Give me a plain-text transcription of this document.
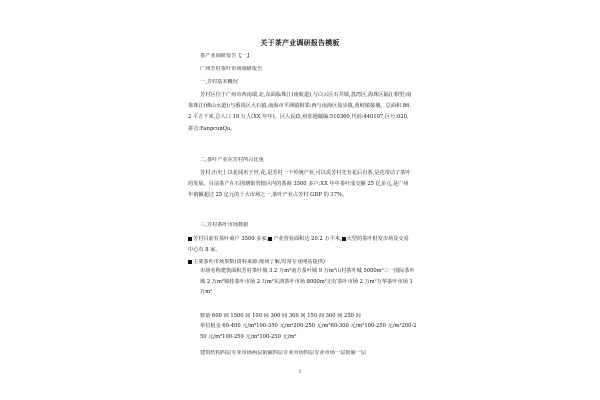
关于茶产业调研报告模板
茶产业调研报告【一】
广州芳村茶叶市场调研报告
一,芳村基本概况
芳村区位于广州市西南端,北,东面临珠江(南航道),与白云区石井镇,荔湾区,海珠区隔江相望;南靠珠江(佛山水道);与番禺区大石镇,南海市平洲镇相邻;西与南海区盐步镇,黄岐镇接壤。总面积 86.2 平方千米,总人口 19 万人(XX 年年)。区人民政,府驻地邮编:510360,代码:440107,区号:020,拼音:FangcunQu。
二,茶叶产业在芳村所占比重
芳村,历史上以花闻名于世,花,是芳村一个传统产业,可以说芳村先有花后有茶,是花带动了茶叶的发展。目前茶产在石围塘街管辖区内的茶商 3500 多户;XX 年年茶叶成交额 25 亿多元,是广州年销额超过 25 亿元的十大市场之一,茶叶产业占芳村 GDP 的 37%。
三,芳村茶叶市场数据
芳村目前有茶叶商户 3500 多家, 产业营业面积达 20.2 万平米, 大型的茶叶批发市场及交易中心有 8 家。
主要茶叶市场参数(资料来源:现场了解,时常专业网站提供)
市场名称建筑面积芳村茶叶城 3.2 万m²南方茶叶城 9 万m²山村茶叶城 5000m²三一国际茶叶城 2 万m²锦桂茶叶市场 2 万m²东鸿茶叶市场 8000m²正好茶叶市场 2 万m²万华茶叶市场 1 万m²
数量 600 间 1500 间 100 间 300 间 300 间 150 间 300 间 250 间
单位租金 60-400 元/m²100-350 元/m²200-250 元/m²60-300 元/m²100-250 元/m²200-250 元/m²100-250 元/m²100-250 元/m²
建筑结构四层专业市场两层街铺四层专业市场四层专业市场一层街铺一层
1
